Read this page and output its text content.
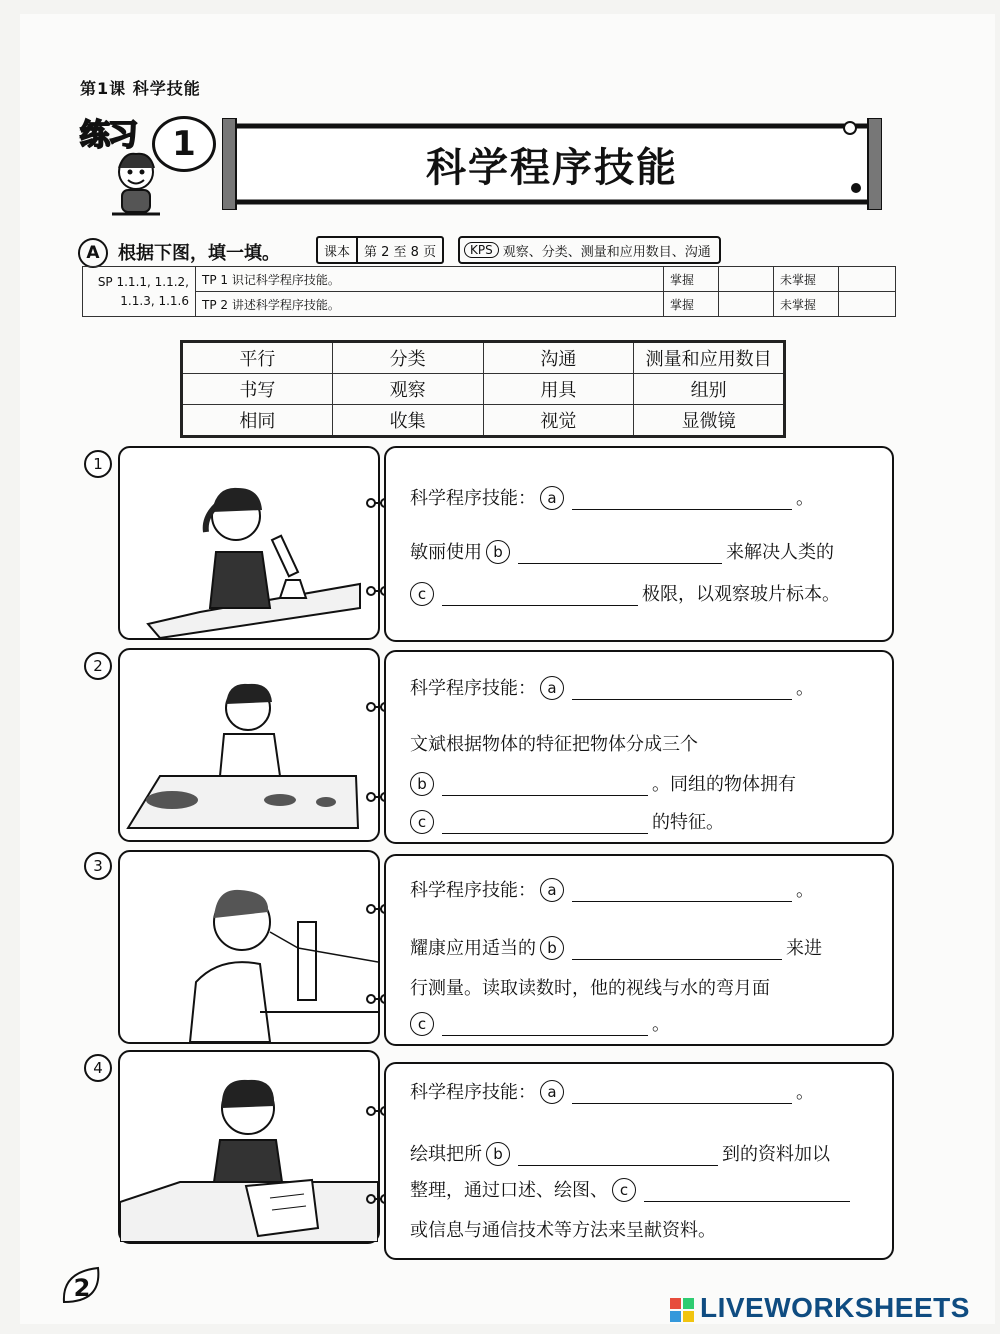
第1课 科学技能
练习	1
科学程序技能
A	根据下图，填一填。	课本	第 2 至 8 页	KPS 观察、分类、测量和应用数目、沟通
SP 1.1.1, 1.1.2, 1.1.3, 1.1.6	TP 1 识记科学程序技能。	掌握		未掌握	
	TP 2 讲述科学程序技能。	掌握		未掌握	
平行	分类	沟通	测量和应用数目
书写	观察	用具	组别
相同	收集	视觉	显微镜
1
科学程序技能： a	。
敏丽使用 b	来解决人类的
c	极限，以观察玻片标本。
2
科学程序技能： a	。
文斌根据物体的特征把物体分成三个
b	。同组的物体拥有
c	的特征。
3
科学程序技能： a	。
耀康应用适当的 b	来进
行测量。读取读数时，他的视线与水的弯月面
c	。
4
科学程序技能： a	。
绘琪把所 b	到的资料加以
整理，通过口述、绘图、 c
或信息与通信技术等方法来呈献资料。
2
LIVEWORKSHEETS
